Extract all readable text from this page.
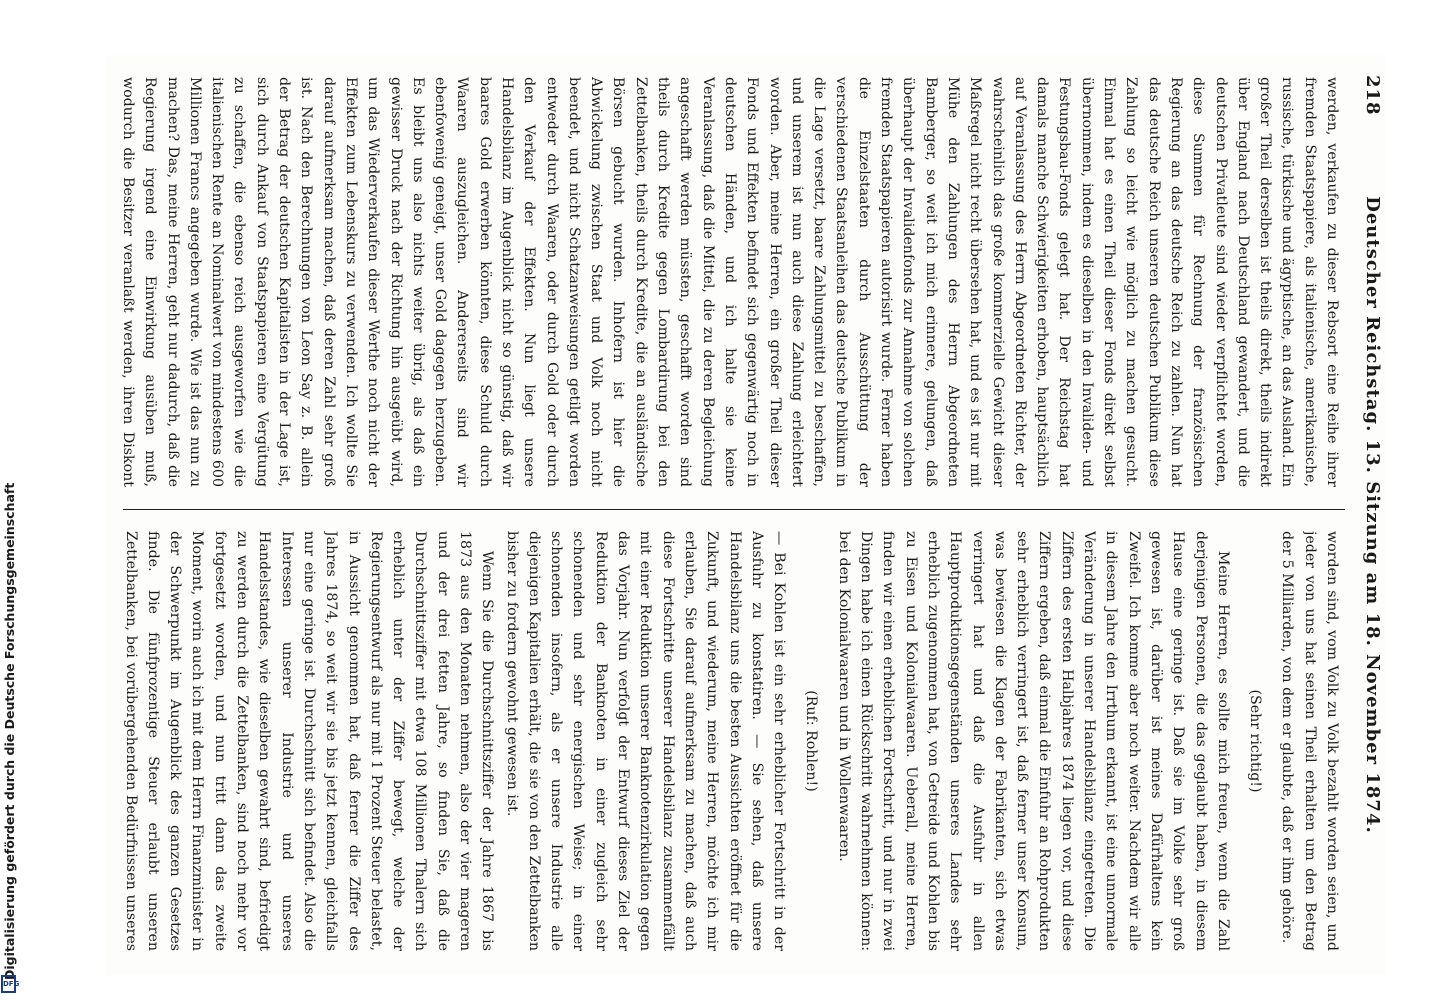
218
Deutscher Reichstag. 13. Sitzung am 18. November 1874.

werden, verkaufen zu dieser Rebsort eine Reihe ihrer fremden Staatspapiere, als italienische, amerikanische, russische, türkische und ägyptische, an das Ausland. Ein großer Theil derselben ist theils direkt, theils indirekt über England nach Deutschland gewandert, und die deutschen Privatleute sind wieder verpflichtet worden, diese Summen für Rechnung der französischen Regierung an das deutsche Reich zu zahlen. Nun hat das deutsche Reich unseren deutschen Publikum diese Zahlung so leicht wie möglich zu machen gesucht. Einmal hat es einen Theil dieser Fonds direkt selbst übernommen, indem es dieselben in den Invaliden- und Festungsbau-Fonds gelegt hat. Der Reichstag hat damals manche Schwierigkeiten erhoben, hauptsächlich auf Veranlassung des Herrn Abgeordneten Richter, der wahrscheinlich das große kommerzielle Gewicht dieser Maßregel nicht recht übersehen hat, und es ist nur mit Mühe den Zahlungen des Herrn Abgeordneten Bamberger, so weit ich mich erinnere, gelungen, daß überhaupt der Invalidenfonds zur Annahme von solchen fremden Staatspapieren autorisirt wurde. Ferner haben die Einzelstaaten durch Ausschüttung der verschiedenen Staatsanleihen das deutsche Publikum in die Lage versetzt, baare Zahlungsmittel zu beschaffen, und unserem ist nun auch diese Zahlung erleichtert worden. Aber, meine Herren, ein großer Theil dieser Fonds und Effekten befindet sich gegenwärtig noch in deutschen Händen, und ich halte sie keine Veranlassung, daß die Mittel, die zu deren Begleichung angeschafft werden müssten, geschafft worden sind theils durch Kredite gegen Lombardirung bei den Zettelbanken, theils durch Kredite, die an ausländische Börsen gebucht wurden. Inhofern ist hier die Abwickelung zwischen Staat und Volk noch nicht beendet, und nicht Schatzanweisungen getilgt worden entweder durch Waaren, oder durch Gold oder durch den Verkauf der Effekten. Nun liegt unsere Handelsbilanz im Augenblick nicht so günstig, daß wir baares Gold erwerben könnten, diese Schuld durch Waaren auszugleichen. Andererseits sind wir ebenfowenig geneigt, unser Gold dagegen herzugeben. Es bleibt uns also nichts weiter übrig, als daß ein gewisser Druck nach der Richtung hin ausgeübt wird, um das Wiederverkaufen dieser Werthe noch nicht der Effekten zum Lebenskurs zu verwenden. Ich wollte Sie darauf aufmerksam machen, daß deren Zahl sehr groß ist. Nach den Berechnungen von Leon Say z. B. allein der Betrag der deutschen Kapitalisten in der Lage ist, sich durch Ankauf von Staatspapieren eine Vergütung zu schaffen, die ebenso reich ausgeworfen wie die italienischen Rente an Nominalwert von mindestens 600 Millionen Francs angegeben wurde. Wie ist das nun zu machen? Das, meine Herren, geht nur dadurch, daß die Regierung irgend eine Einwirkung ausüben muß, wodurch die Besitzer veranlaßt werden, ihren Diskont

worden sind, vom Volk zu Volk bezahlt worden seien, und jeder von uns hat seinen Theil erhalten um den Betrag der 5 Milliarden, von dem er glaubte, daß er ihm gehöre.

(Sehr richtig!)

Meine Herren, es sollte mich freuen, wenn die Zahl derjenigen Personen, die das geglaubt haben, in diesem Hause eine geringe ist. Daß sie im Volke sehr groß gewesen ist, darüber ist meines Dafürhaltens kein Zweifel. Ich komme aber noch weiter. Nachdem wir alle in diesem Jahre den Irrthum erkannt, ist eine unnormale Veränderung in unserer Handelsbilanz eingetreten. Die Ziffern des ersten Halbjahres 1874 liegen vor, und diese Ziffern ergeben, daß einmal die Einfuhr an Rohprodukten sehr erheblich verringert ist, daß ferner unser Konsum, was bewiesen die Klagen der Fabrikanten, sich etwas verringert hat und daß die Ausfuhr in allen Hauptproduktionsgegenständen unseres Landes sehr erheblich zugenommen hat, von Getreide und Kohlen bis zu Eisen und Kolonialwaaren. Ueberall, meine Herren, finden wir einen erheblichen Fortschritt, und nur in zwei Dingen habe ich einen Rückschritt wahrnehmen können: bei den Kolonialwaaren und in Wollenwaaren.

(Ruf: Rohlen!)

— Bei Kohlen ist ein sehr erheblicher Fortschritt in der Ausfuhr zu konstatiren. — Sie sehen, daß unsere Handelsbilanz uns die besten Aussichten eröffnet für die Zukunft, und wiederum, meine Herren, möchte ich mir erlauben, Sie darauf aufmerksam zu machen, daß auch diese Fortschritte unserer Handelsbilanz zusammenfällt mit einer Reduktion unserer Banknotenzirkulation gegen das Vorjahr. Nun verfolgt der Entwurf dieses Ziel der Reduktion der Banknoten in einer zugleich sehr schonenden und sehr energischen Weise; in einer schonenden insofern, als er unsere Industrie alle diejenigen Kapitalien erhält, die sie von den Zettelbanken bisher zu fordern gewohnt gewesen ist.

Wenn Sie die Durchschnittsziffer der Jahre 1867 bis 1873 aus den Monaten nehmen, also der vier mageren und der drei fetten Jahre, so finden Sie, daß die Durchschnittsziffer mit etwa 108 Millionen Thalern sich erheblich unter der Ziffer bewegt, welche der Regierungsentwurf als nur mit 1 Prozent Steuer belastet, in Aussicht genommen hat, daß ferner die Ziffer des Jahres 1874, so weit wir sie bis jetzt kennen, gleichfalls nur eine geringe ist. Durchschnitt sich befindet. Also die Interessen unserer Industrie und unseres Handelsstandes, wie dieselben gewahrt sind, befriedigt zu werden durch die Zettelbanken, sind noch mehr vor fortgesetzt worden, und nun tritt dann das zweite Moment, worin auch ich mit dem Herrn Finanzminister in der Schwerpunkt im Augenblick des ganzen Gesetzes finde. Die fünfprozentige Steuer erlaubt unseren Zettelbanken, bei vorübergehenden Bedürfnissen unseres

Digitalisierung gefördert durch die Deutsche Forschungsgemeinschaft
DFG
